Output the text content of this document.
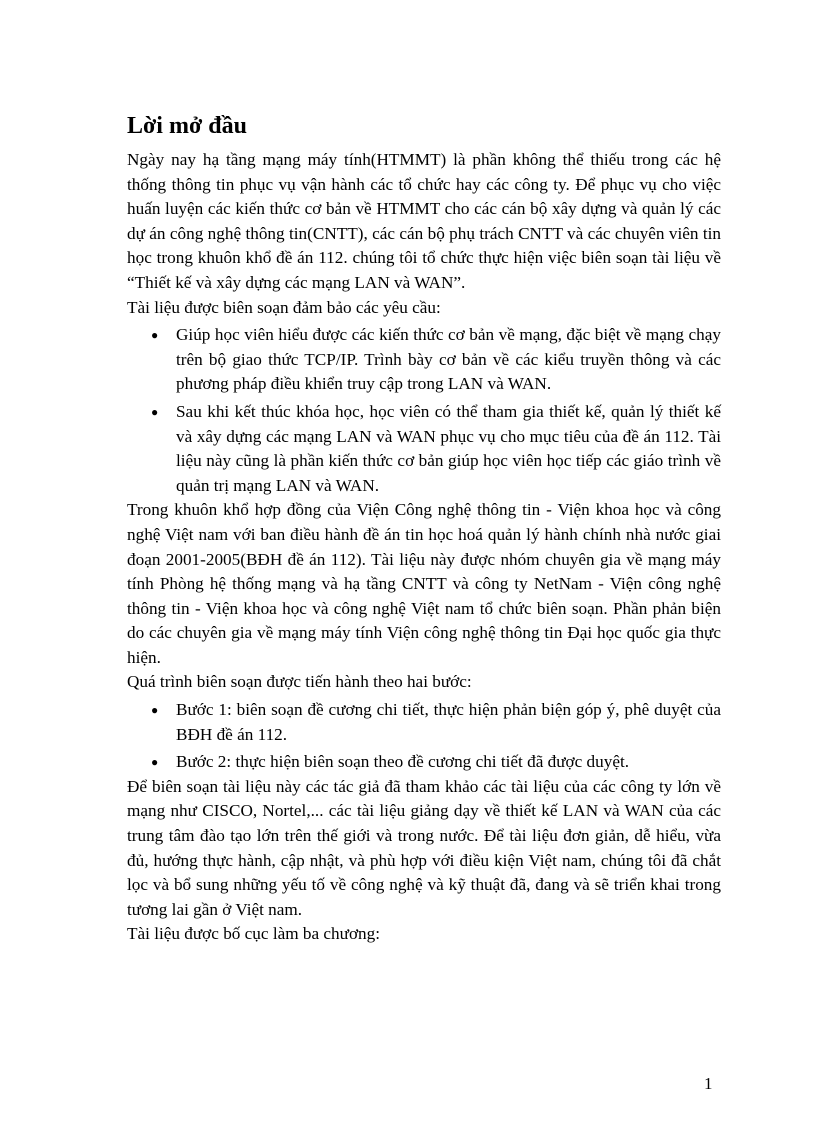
Lời mở đầu

Ngày nay hạ tầng mạng máy tính(HTMMT) là phần không thể thiếu trong các hệ thống thông tin phục vụ vận hành các tổ chức hay các công ty. Để phục vụ cho việc huấn luyện các kiến thức cơ bản về HTMMT cho các cán bộ xây dựng và quản lý các dự án công nghệ thông tin(CNTT), các cán bộ phụ trách CNTT và các chuyên viên tin học trong khuôn khổ đề án 112. chúng tôi tổ chức thực hiện việc biên soạn tài liệu về “Thiết kế và xây dựng các mạng LAN và WAN”.

Tài liệu được biên soạn đảm bảo các yêu cầu:

● Giúp học viên hiểu được các kiến thức cơ bản về mạng, đặc biệt về mạng chạy trên bộ giao thức TCP/IP. Trình bày cơ bản về các kiểu truyền thông và các phương pháp điều khiển truy cập trong LAN và WAN.
● Sau khi kết thúc khóa học, học viên có thể tham gia thiết kế, quản lý thiết kế và xây dựng các mạng LAN và WAN phục vụ cho mục tiêu của đề án 112. Tài liệu này cũng là phần kiến thức cơ bản giúp học viên học tiếp các giáo trình về quản trị mạng LAN và WAN.

Trong khuôn khổ hợp đồng của Viện Công nghệ thông tin - Viện khoa học và công nghệ Việt nam với ban điều hành đề án tin học hoá quản lý hành chính nhà nước giai đoạn 2001-2005(BĐH đề án 112). Tài liệu này được nhóm chuyên gia về mạng máy tính Phòng hệ thống mạng và hạ tầng CNTT và công ty NetNam - Viện công nghệ thông tin - Viện khoa học và công nghệ Việt nam tổ chức biên soạn. Phần phản biện do các chuyên gia về mạng máy tính Viện công nghệ thông tin Đại học quốc gia thực hiện.

Quá trình biên soạn được tiến hành theo hai bước:

● Bước 1: biên soạn đề cương chi tiết, thực hiện phản biện góp ý, phê duyệt của BĐH đề án 112.
● Bước 2: thực hiện biên soạn theo đề cương chi tiết đã được duyệt.

Để biên soạn tài liệu này các tác giả đã tham khảo các tài liệu của các công ty lớn về mạng như CISCO, Nortel,... các tài liệu giảng dạy về thiết kế LAN và WAN của các trung tâm đào tạo lớn trên thế giới và trong nước. Để tài liệu đơn giản, dễ hiểu, vừa đủ, hướng thực hành, cập nhật, và phù hợp với điều kiện Việt nam, chúng tôi đã chắt lọc và bổ sung những yếu tố về công nghệ và kỹ thuật đã, đang và sẽ triển khai trong tương lai gần ở Việt nam.

Tài liệu được bố cục làm ba chương:

1
